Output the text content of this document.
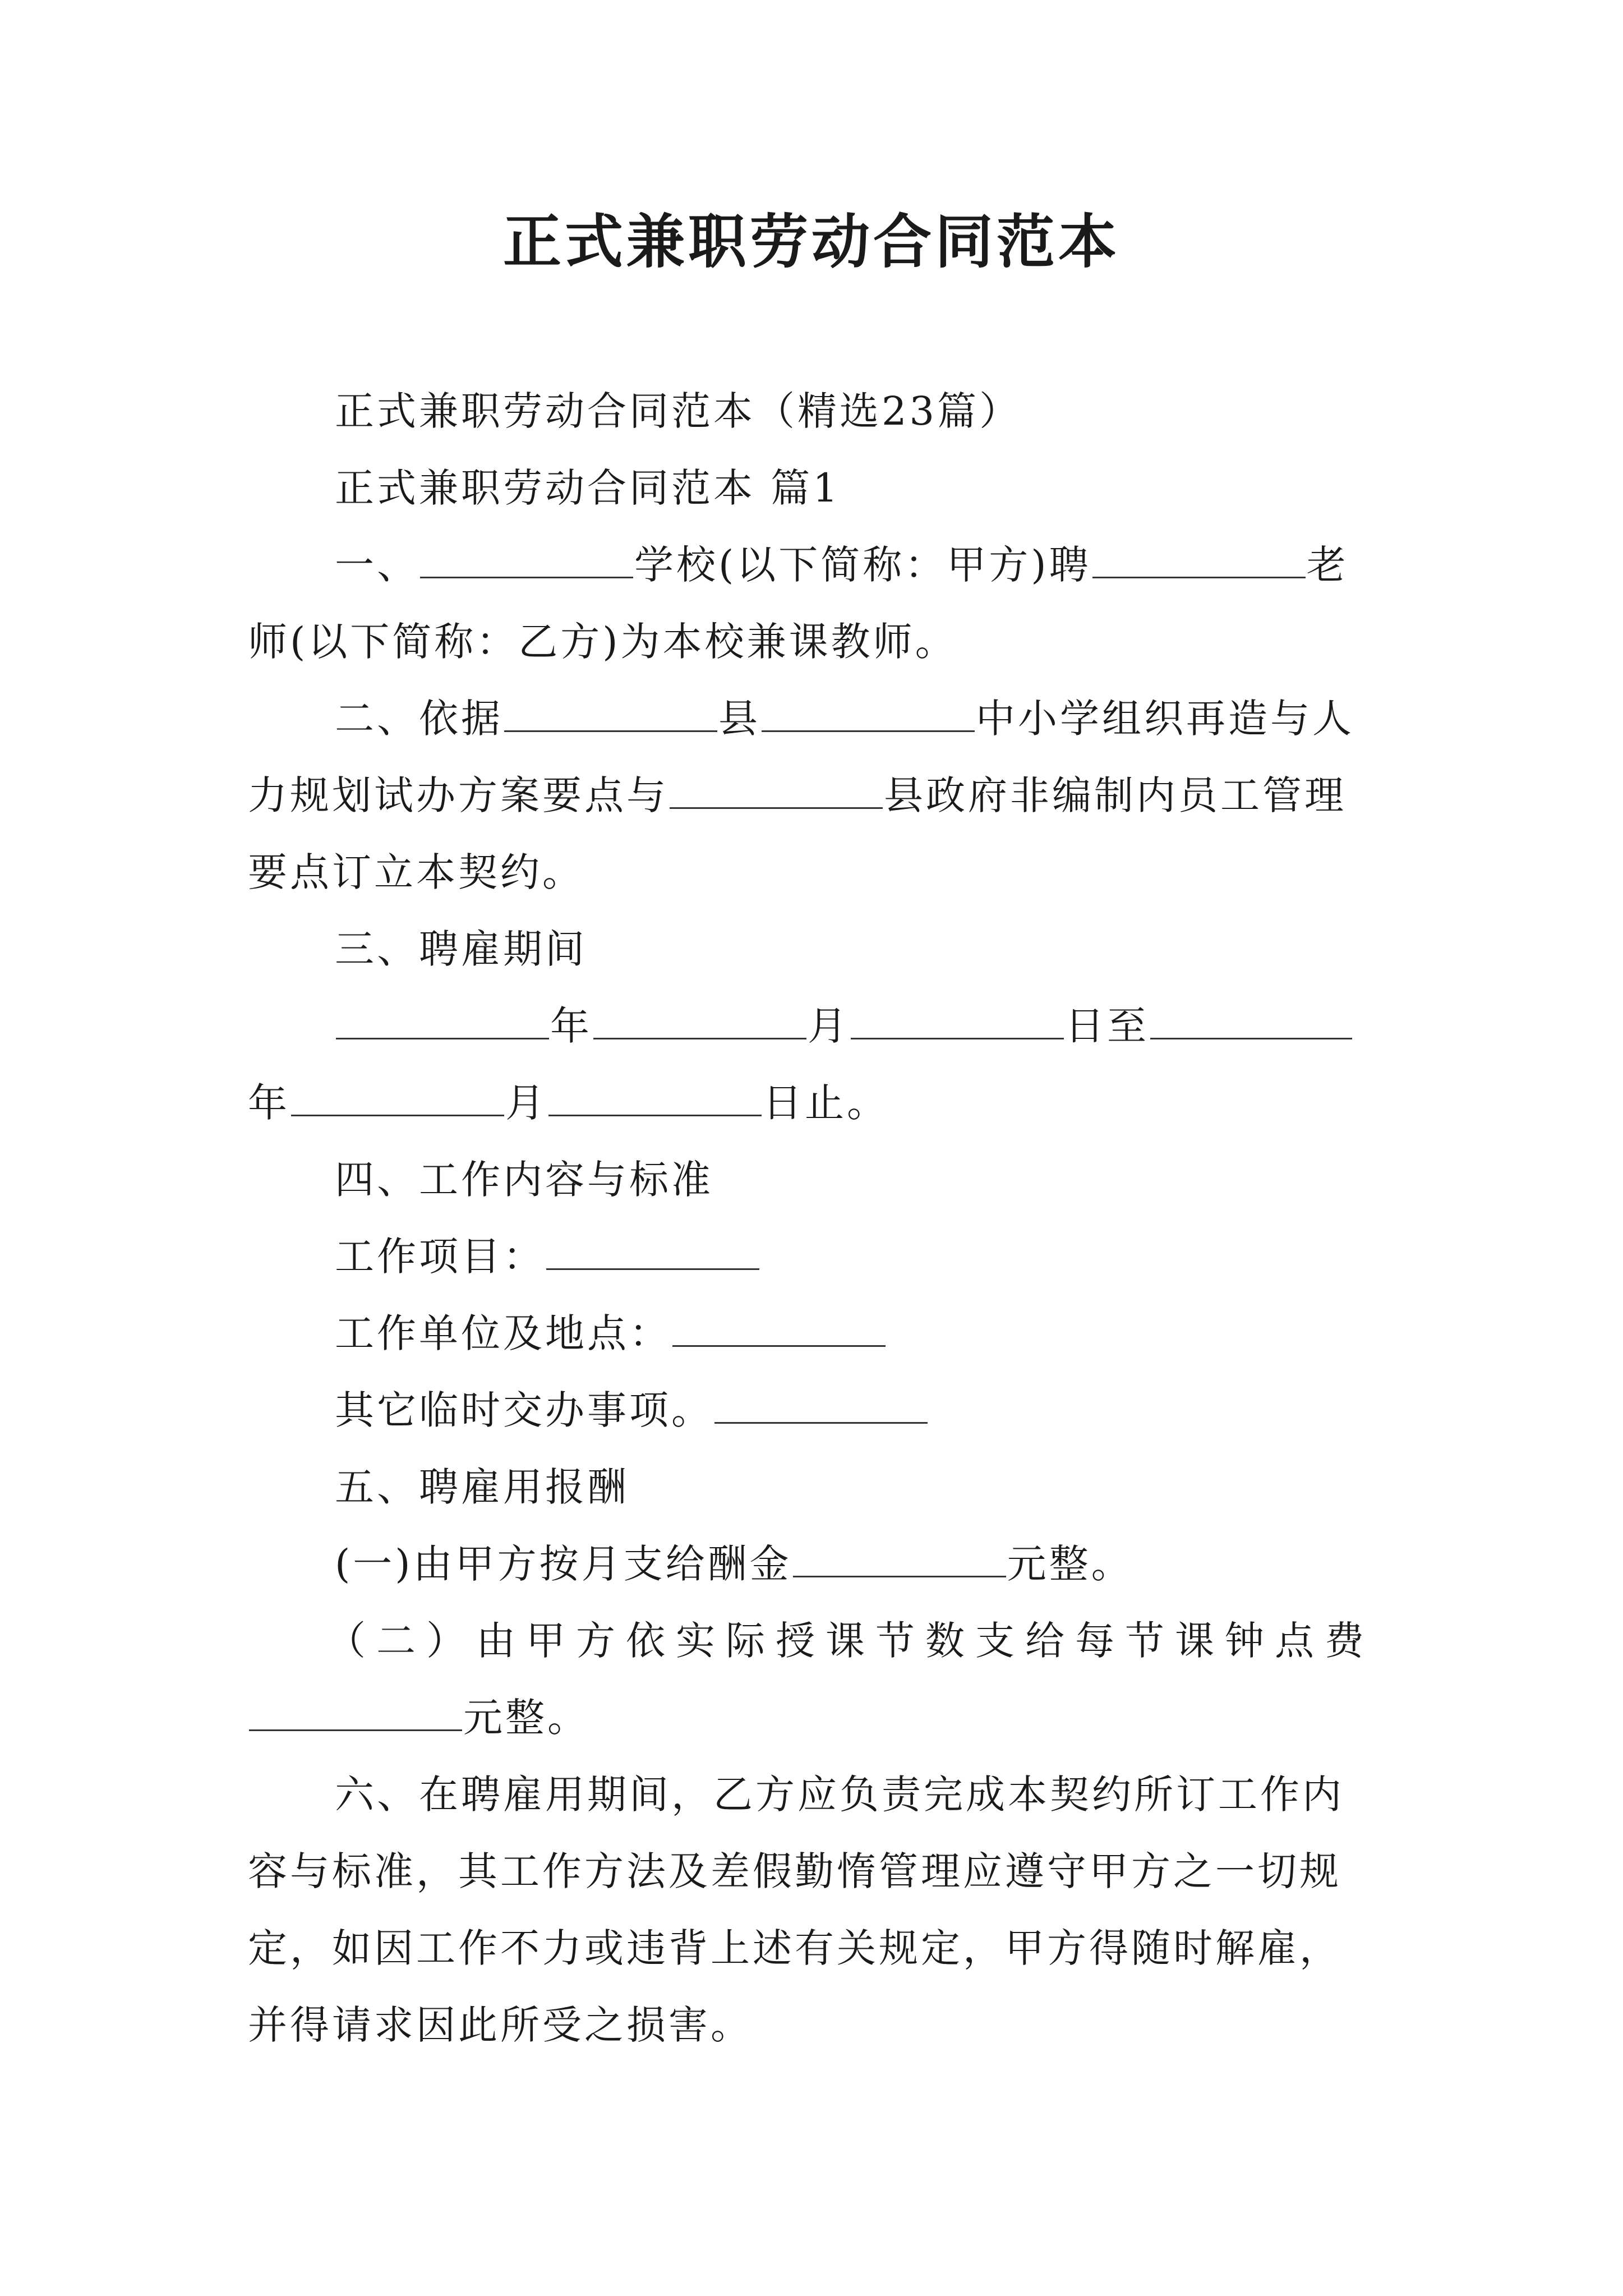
正式兼职劳动合同范本
正式兼职劳动合同范本（精选23篇）
正式兼职劳动合同范本 篇1
一、	学校(以下简称：甲方)聘	老
师(以下简称：乙方)为本校兼课教师。
二、依据	县	中小学组织再造与人
力规划试办方案要点与	县政府非编制内员工管理
要点订立本契约。
三、聘雇期间
年	月	日至
年	月	日止。
四、工作内容与标准
工作项目：
工作单位及地点：
其它临时交办事项。
五、聘雇用报酬
(一)由甲方按月支给酬金	元整。
（二）由甲方依实际授课节数支给每节课钟点费
元整。
六、在聘雇用期间，乙方应负责完成本契约所订工作内
容与标准，其工作方法及差假勤惰管理应遵守甲方之一切规
定，如因工作不力或违背上述有关规定，甲方得随时解雇，
并得请求因此所受之损害。
